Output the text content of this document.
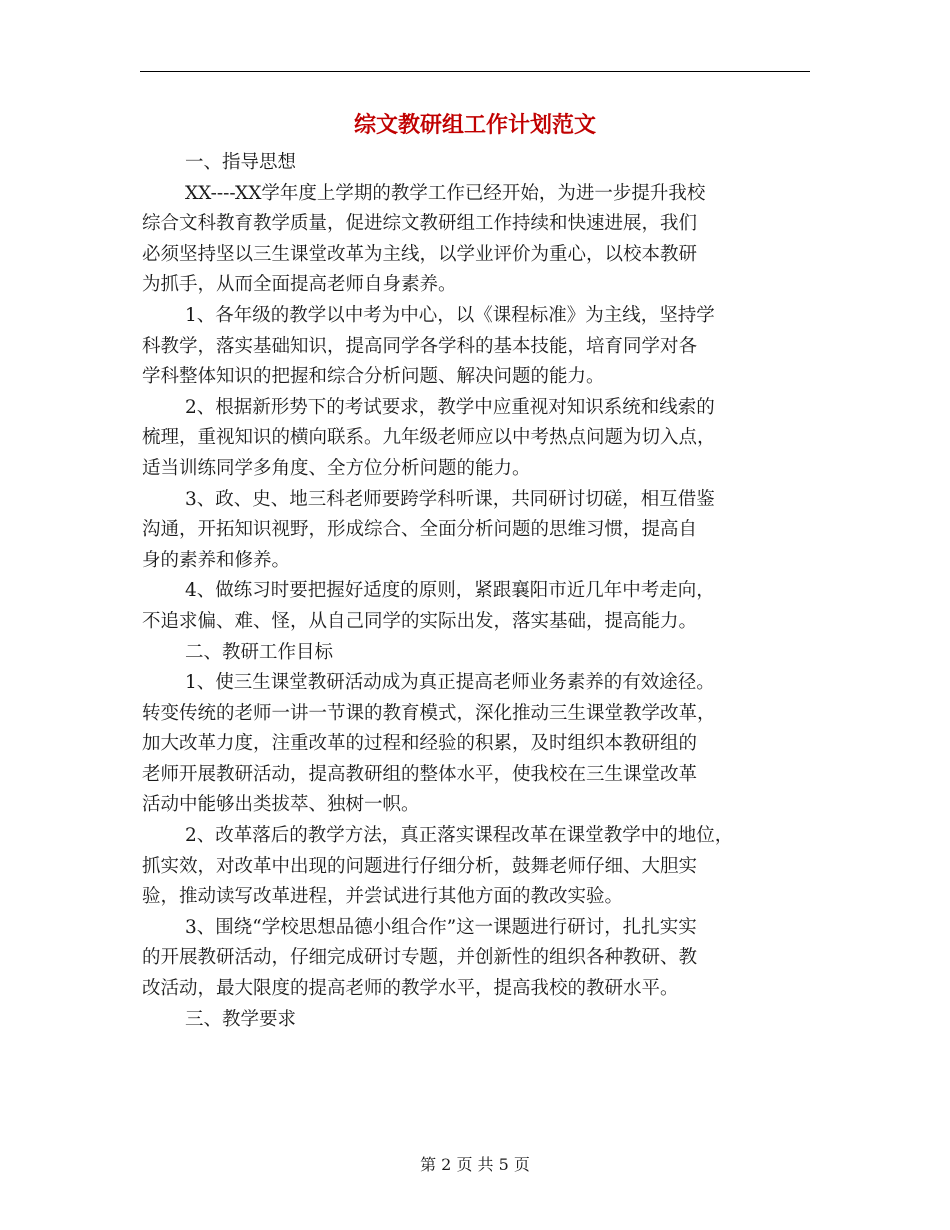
综文教研组工作计划范文
一、指导思想
XX----XX学年度上学期的教学工作已经开始，为进一步提升我校
综合文科教育教学质量，促进综文教研组工作持续和快速进展，我们
必须坚持坚以三生课堂改革为主线，以学业评价为重心，以校本教研
为抓手，从而全面提高老师自身素养。
1、各年级的教学以中考为中心，以《课程标准》为主线，坚持学
科教学，落实基础知识，提高同学各学科的基本技能，培育同学对各
学科整体知识的把握和综合分析问题、解决问题的能力。
2、根据新形势下的考试要求，教学中应重视对知识系统和线索的
梳理，重视知识的横向联系。九年级老师应以中考热点问题为切入点，
适当训练同学多角度、全方位分析问题的能力。
3、政、史、地三科老师要跨学科听课，共同研讨切磋，相互借鉴
沟通，开拓知识视野，形成综合、全面分析问题的思维习惯，提高自
身的素养和修养。
4、做练习时要把握好适度的原则，紧跟襄阳市近几年中考走向，
不追求偏、难、怪，从自己同学的实际出发，落实基础，提高能力。
二、教研工作目标
1、使三生课堂教研活动成为真正提高老师业务素养的有效途径。
转变传统的老师一讲一节课的教育模式，深化推动三生课堂教学改革，
加大改革力度，注重改革的过程和经验的积累，及时组织本教研组的
老师开展教研活动，提高教研组的整体水平，使我校在三生课堂改革
活动中能够出类拔萃、独树一帜。
2、改革落后的教学方法，真正落实课程改革在课堂教学中的地位，
抓实效，对改革中出现的问题进行仔细分析，鼓舞老师仔细、大胆实
验，推动读写改革进程，并尝试进行其他方面的教改实验。
3、围绕“学校思想品德小组合作”这一课题进行研讨，扎扎实实
的开展教研活动，仔细完成研讨专题，并创新性的组织各种教研、教
改活动，最大限度的提高老师的教学水平，提高我校的教研水平。
三、教学要求
第 2 页 共 5 页
